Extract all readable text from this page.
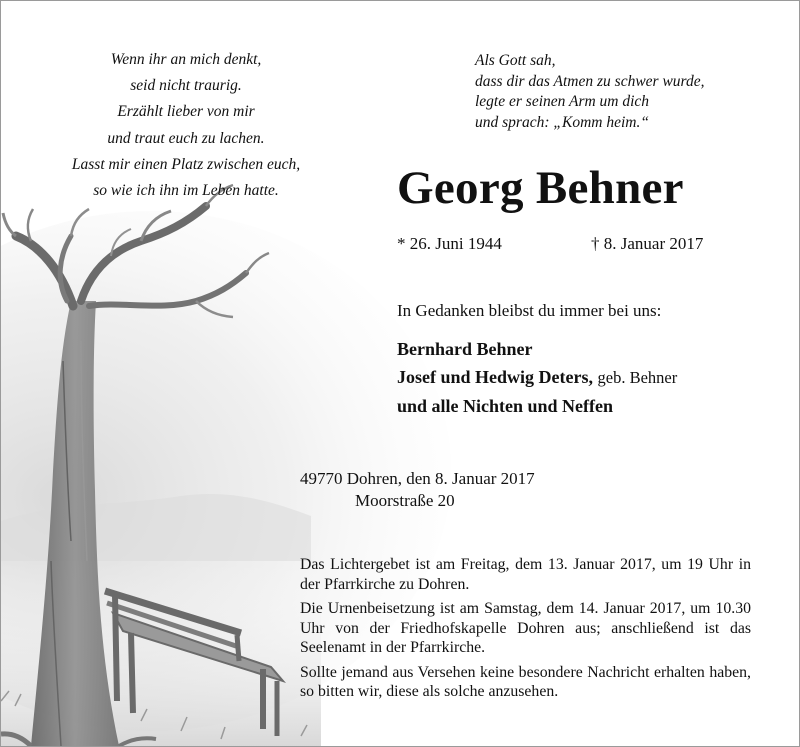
Wenn ihr an mich denkt,
seid nicht traurig.
Erzählt lieber von mir
und traut euch zu lachen.
Lasst mir einen Platz zwischen euch,
so wie ich ihn im Leben hatte.
Als Gott sah,
dass dir das Atmen zu schwer wurde,
legte er seinen Arm um dich
und sprach: „Komm heim.“
Georg Behner
* 26. Juni 1944	† 8. Januar 2017
In Gedanken bleibst du immer bei uns:
Bernhard Behner
Josef und Hedwig Deters, geb. Behner
und alle Nichten und Neffen
49770 Dohren, den 8. Januar 2017
Moorstraße 20

Das Lichtergebet ist am Freitag, dem 13. Januar 2017, um 19 Uhr in der Pfarrkirche zu Dohren.

Die Urnenbeisetzung ist am Samstag, dem 14. Januar 2017, um 10.30 Uhr von der Friedhofskapelle Dohren aus; anschließend ist das Seelenamt in der Pfarrkirche.

Sollte jemand aus Versehen keine besondere Nachricht erhalten haben, so bitten wir, diese als solche anzusehen.
